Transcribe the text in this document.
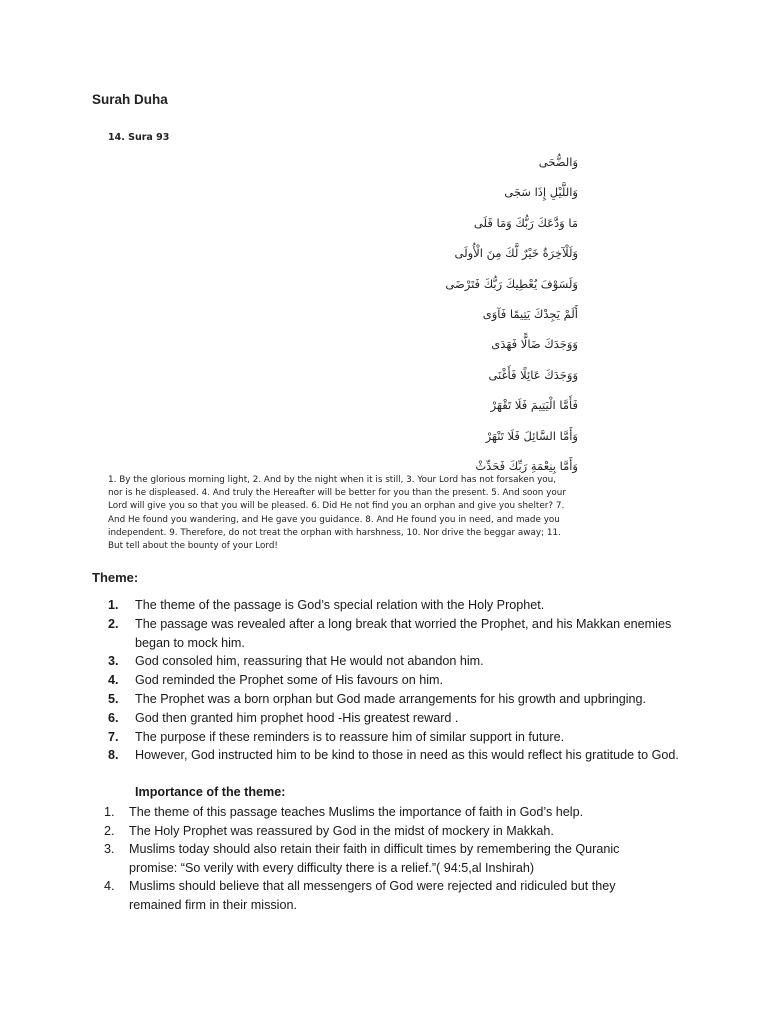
Surah Duha
14. Sura 93
وَالضُّحَى
وَاللَّيْلِ إِذَا سَجَى
مَا وَدَّعَكَ رَبُّكَ وَمَا قَلَى
وَلَلْآخِرَةُ خَيْرٌ لَّكَ مِنَ الْأُولَى
وَلَسَوْفَ يُعْطِيكَ رَبُّكَ فَتَرْضَى
أَلَمْ يَجِدْكَ يَتِيمًا فَآوَى
وَوَجَدَكَ ضَالًّا فَهَدَى
وَوَجَدَكَ عَائِلًا فَأَغْنَى
فَأَمَّا الْيَتِيمَ فَلَا تَقْهَرْ
وَأَمَّا السَّائِلَ فَلَا تَنْهَرْ
وَأَمَّا بِنِعْمَةِ رَبِّكَ فَحَدِّثْ
1. By the glorious morning light, 2. And by the night when it is still, 3. Your Lord has not forsaken you, nor is he displeased. 4. And truly the Hereafter will be better for you than the present. 5. And soon your Lord will give you so that you will be pleased. 6. Did He not find you an orphan and give you shelter? 7. And He found you wandering, and He gave you guidance. 8. And He found you in need, and made you independent. 9. Therefore, do not treat the orphan with harshness, 10. Nor drive the beggar away; 11. But tell about the bounty of your Lord!
Theme:
1.	The theme of the passage is God’s special relation with the Holy Prophet.
2.	The passage was revealed after a long break that worried the Prophet, and his Makkan enemies began to mock him.
3.	God consoled him, reassuring that He would not abandon him.
4.	God reminded the Prophet some of His favours on him.
5.	The Prophet was a born orphan but God made arrangements for his growth and upbringing.
6.	God then granted him prophet hood -His greatest reward .
7.	The purpose if these reminders is to reassure him of similar support in future.
8.	However, God instructed him to be kind to those in need as this would reflect his gratitude to God.
Importance of the theme:
1.	The theme of this passage teaches Muslims the importance of faith in God’s help.
2.	The Holy Prophet was reassured by God in the midst of mockery in Makkah.
3.	Muslims today should also retain their faith in difficult times by remembering the Quranic promise: “So verily with every difficulty there is a relief.”( 94:5,al Inshirah)
4.	Muslims should believe that all messengers of God were rejected and ridiculed but they remained firm in their mission.
